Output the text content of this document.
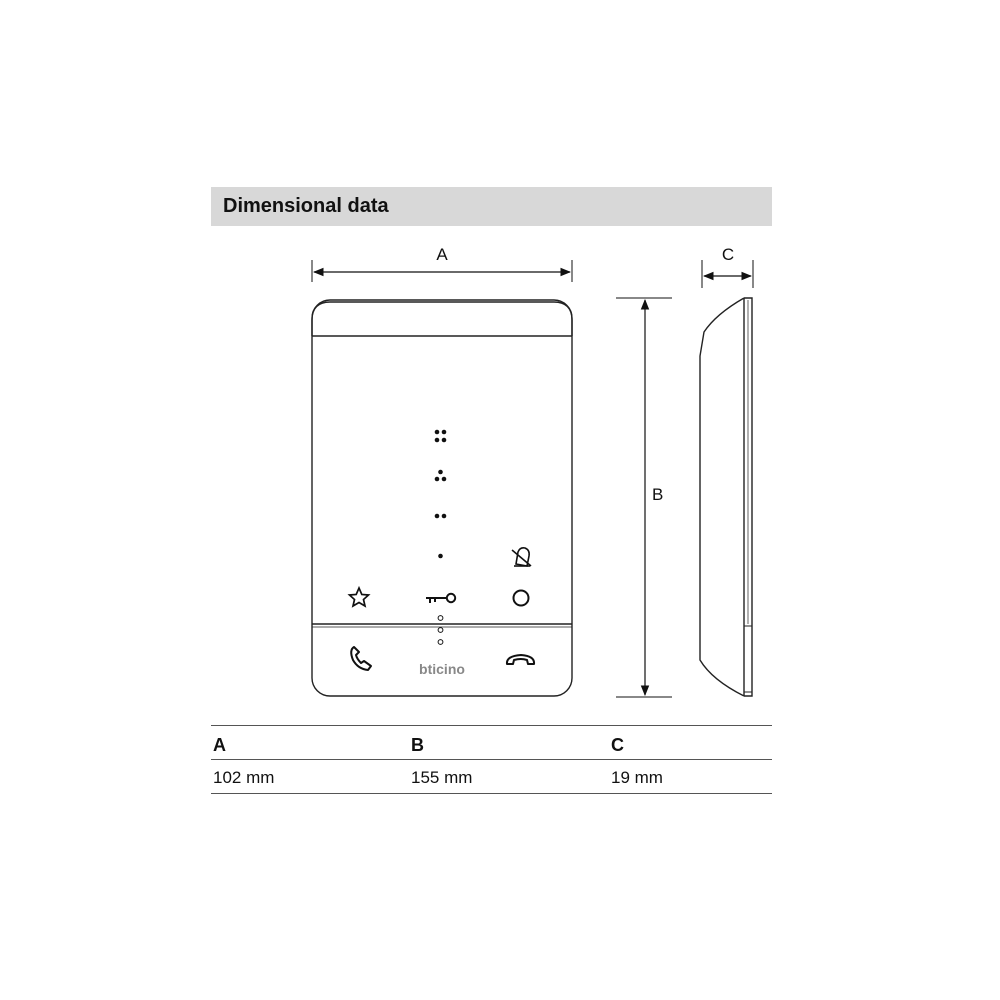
Dimensional data
A	C
B
bticino
A	B	C
102 mm	155 mm	19 mm
